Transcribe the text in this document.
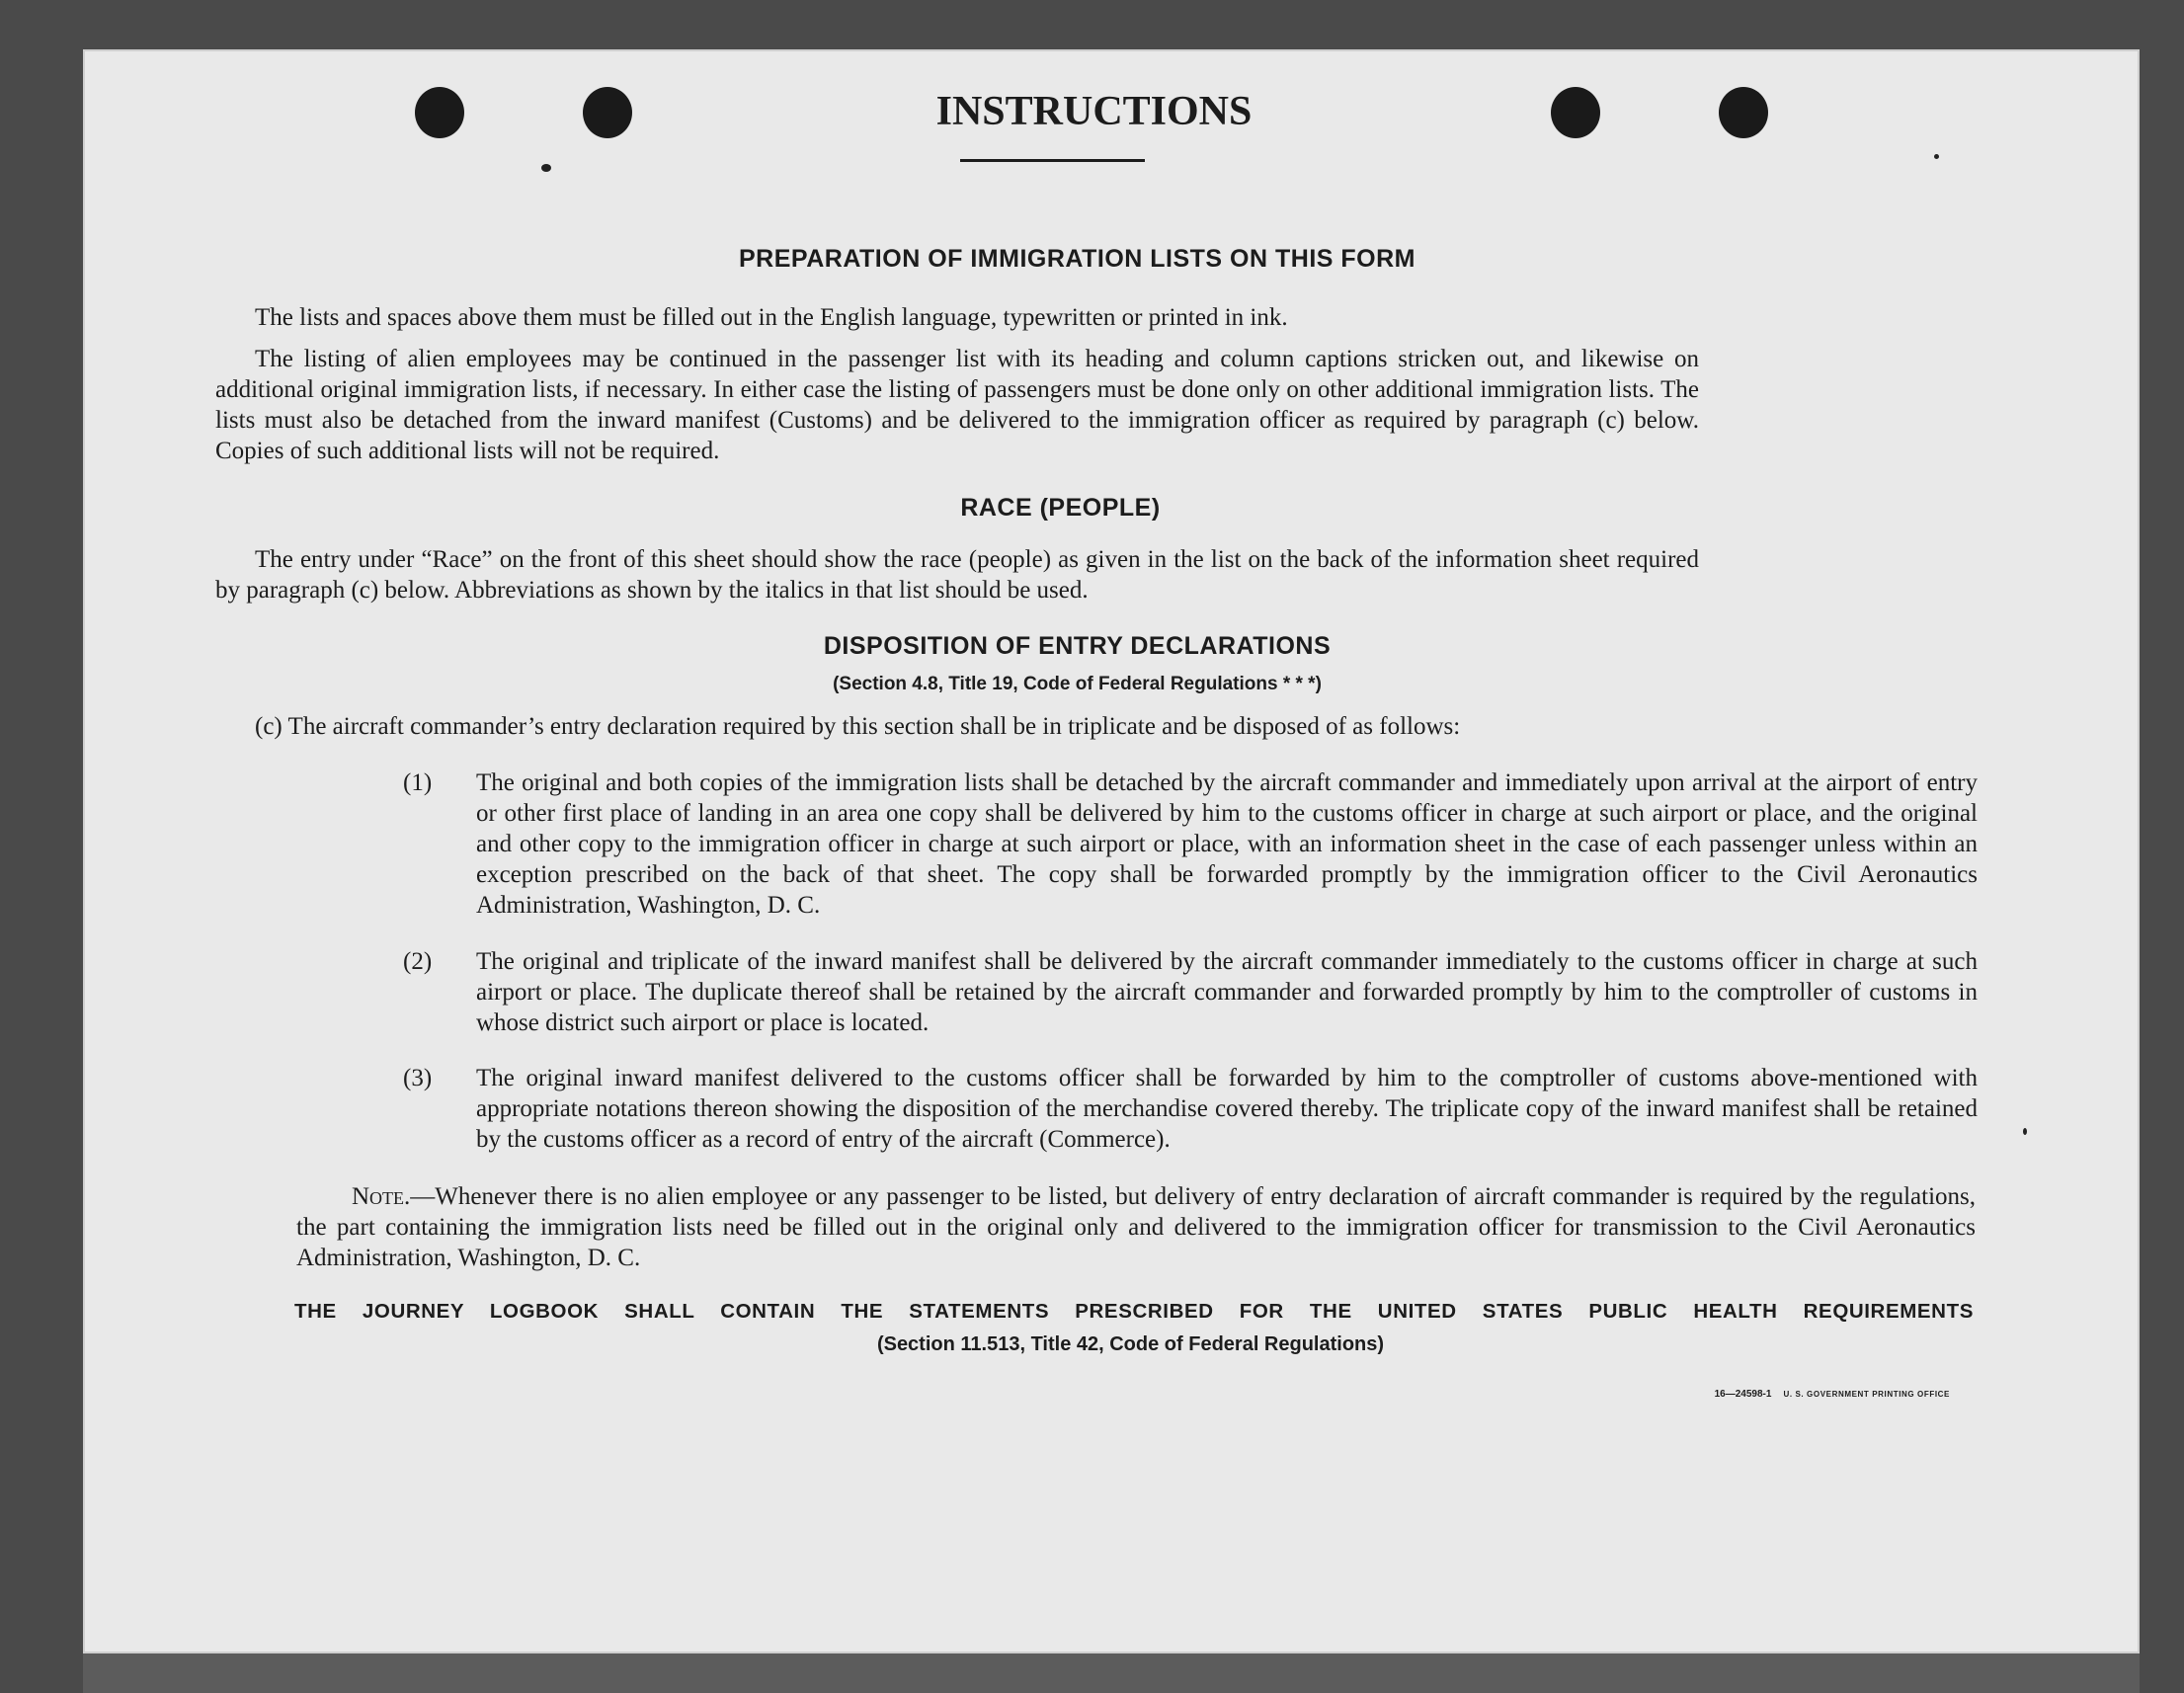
INSTRUCTIONS
PREPARATION OF IMMIGRATION LISTS ON THIS FORM
The lists and spaces above them must be filled out in the English language, typewritten or printed in ink.
The listing of alien employees may be continued in the passenger list with its heading and column captions stricken out, and likewise on additional original immigration lists, if necessary. In either case the listing of passengers must be done only on other additional immigration lists. The lists must also be detached from the inward manifest (Customs) and be delivered to the immigration officer as required by paragraph (c) below. Copies of such additional lists will not be required.
RACE (PEOPLE)
The entry under “Race” on the front of this sheet should show the race (people) as given in the list on the back of the information sheet required by paragraph (c) below. Abbreviations as shown by the italics in that list should be used.
DISPOSITION OF ENTRY DECLARATIONS
(Section 4.8, Title 19, Code of Federal Regulations * * *)
(c) The aircraft commander’s entry declaration required by this section shall be in triplicate and be disposed of as follows:
(1) The original and both copies of the immigration lists shall be detached by the aircraft commander and immediately upon arrival at the airport of entry or other first place of landing in an area one copy shall be delivered by him to the customs officer in charge at such airport or place, and the original and other copy to the immigration officer in charge at such airport or place, with an information sheet in the case of each passenger unless within an exception prescribed on the back of that sheet. The copy shall be forwarded promptly by the immigration officer to the Civil Aeronautics Administration, Washington, D. C.
(2) The original and triplicate of the inward manifest shall be delivered by the aircraft commander immediately to the customs officer in charge at such airport or place. The duplicate thereof shall be retained by the aircraft commander and forwarded promptly by him to the comptroller of customs in whose district such airport or place is located.
(3) The original inward manifest delivered to the customs officer shall be forwarded by him to the comptroller of customs above-mentioned with appropriate notations thereon showing the disposition of the merchandise covered thereby. The triplicate copy of the inward manifest shall be retained by the customs officer as a record of entry of the aircraft (Commerce).
Note.—Whenever there is no alien employee or any passenger to be listed, but delivery of entry declaration of aircraft commander is required by the regulations, the part containing the immigration lists need be filled out in the original only and delivered to the immigration officer for transmission to the Civil Aeronautics Administration, Washington, D. C.
THE JOURNEY LOGBOOK SHALL CONTAIN THE STATEMENTS PRESCRIBED FOR THE UNITED STATES PUBLIC HEALTH REQUIREMENTS
(Section 11.513, Title 42, Code of Federal Regulations)
16—24598-1 U. S. GOVERNMENT PRINTING OFFICE
